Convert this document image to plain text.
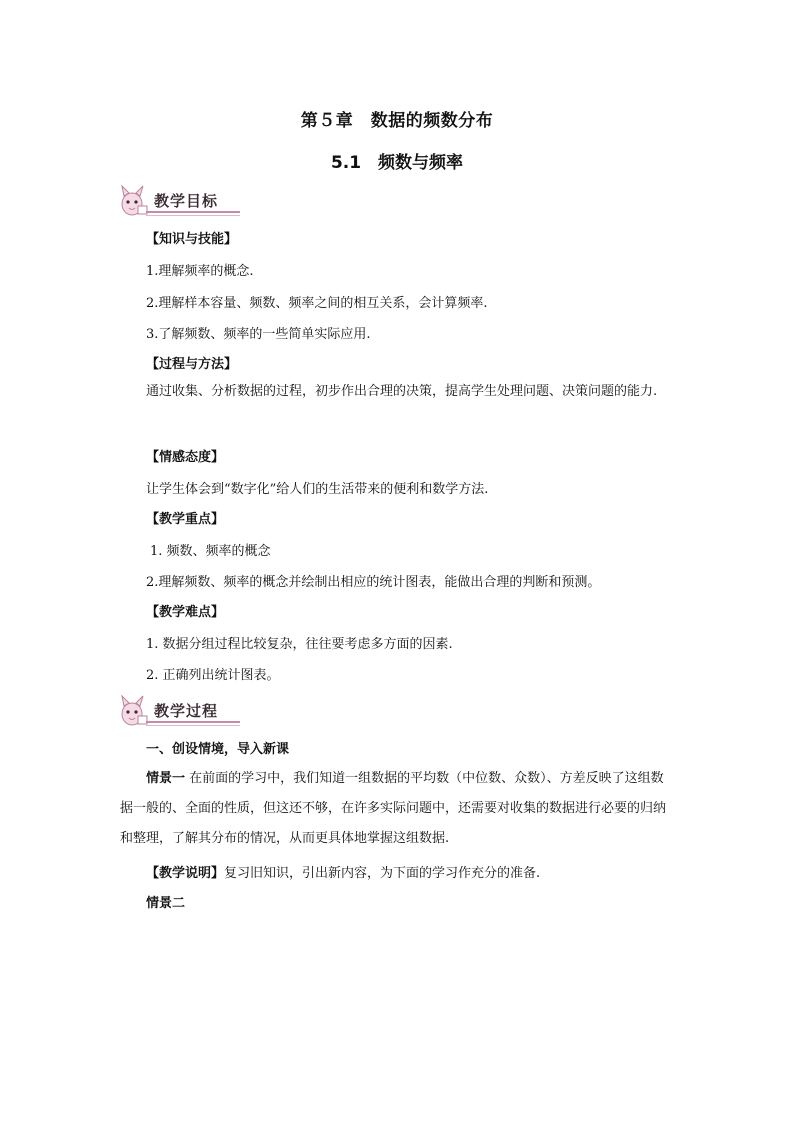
第５章　数据的频数分布
5.1　频数与频率
教学目标
【知识与技能】
1.理解频率的概念.
2.理解样本容量、频数、频率之间的相互关系，会计算频率.
3.了解频数、频率的一些简单实际应用.
【过程与方法】
通过收集、分析数据的过程，初步作出合理的决策，提高学生处理问题、决策问题的能力.
【情感态度】
让学生体会到“数字化”给人们的生活带来的便利和数学方法.
【教学重点】
1. 频数、频率的概念
2.理解频数、频率的概念并绘制出相应的统计图表，能做出合理的判断和预测。
【教学难点】
1. 数据分组过程比较复杂，往往要考虑多方面的因素.
2. 正确列出统计图表。
教学过程
一、创设情境，导入新课
情景一 在前面的学习中，我们知道一组数据的平均数（中位数、众数）、方差反映了这组数据一般的、全面的性质，但这还不够，在许多实际问题中，还需要对收集的数据进行必要的归纳和整理，了解其分布的情况，从而更具体地掌握这组数据.
【教学说明】复习旧知识，引出新内容，为下面的学习作充分的准备.
情景二
